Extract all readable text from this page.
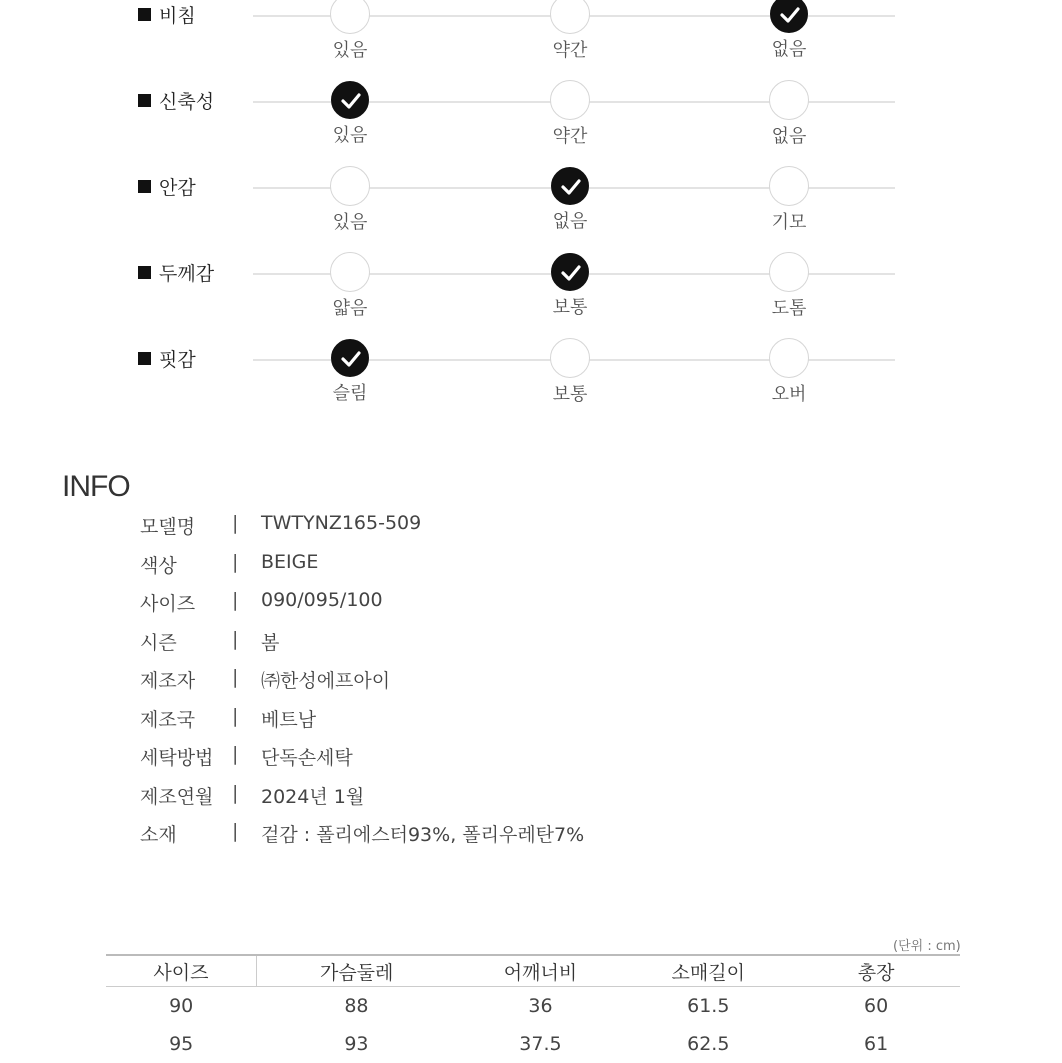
비침
있음	약간	없음
신축성
있음	약간	없음
안감
있음	없음	기모
두께감
얇음	보통	도톰
핏감
슬림	보통	오버
INFO
모델명 | TWTYNZ165-509
색상	| BEIGE
사이즈 | 090/095/100
시즌	| 봄
제조자 | ㈜한성에프아이
제조국 | 베트남
세탁방법 | 단독손세탁
제조연월 | 2024년 1월
소재	| 겉감 : 폴리에스터93%, 폴리우레탄7%
(단위 : cm)
사이즈	가슴둘레	어깨너비	소매길이	총장
90	88	36	61.5	60
95	93	37.5	62.5	61
